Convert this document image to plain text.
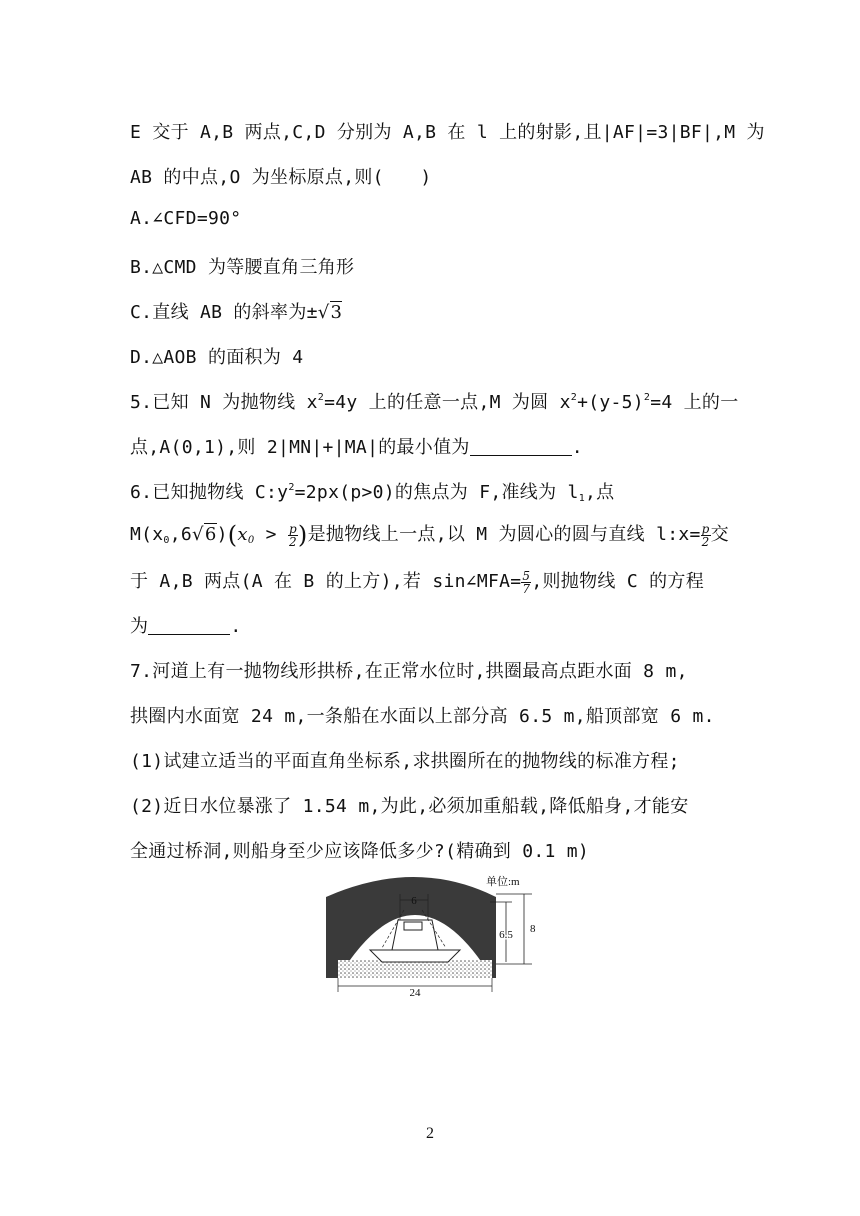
E 交于 A,B 两点,C,D 分别为 A,B 在 l 上的射影,且|AF|=3|BF|,M 为
AB 的中点,O 为坐标原点,则(　　)
A.∠CFD=90°
B.△CMD 为等腰直角三角形
C.直线 AB 的斜率为±√3
D.△AOB 的面积为 4
5.已知 N 为抛物线 $x^2=4y$ 上的任意一点,M 为圆 $x^2+(y-5)^2=4$ 上的一
点,A(0,1),则 2|MN|+|MA|的最小值为	.
6.已知抛物线 $C:y^2=2px(p>0)$的焦点为 F,准线为 $l_1$,点
$M(x_0,6√6)(x_0 > \frac{p}{2}$ )是抛物线上一点,以 M 为圆心的圆与直线 l:x= $\frac{p}{2}$ 交
于 A,B 两点(A 在 B 的上方),若 sin∠MFA= $\frac{5}{7}$ ,则抛物线 C 的方程
为	.
7.河道上有一抛物线形拱桥,在正常水位时,拱圈最高点距水面 8 m,
拱圈内水面宽 24 m,一条船在水面以上部分高 6.5 m,船顶部宽 6 m.
(1)试建立适当的平面直角坐标系,求拱圈所在的抛物线的标准方程;
(2)近日水位暴涨了 1.54 m,为此,必须加重船载,降低船身,才能安
全通过桥洞,则船身至少应该降低多少?(精确到 0.1 m)
6
6.5 8
单位:m
24
2
